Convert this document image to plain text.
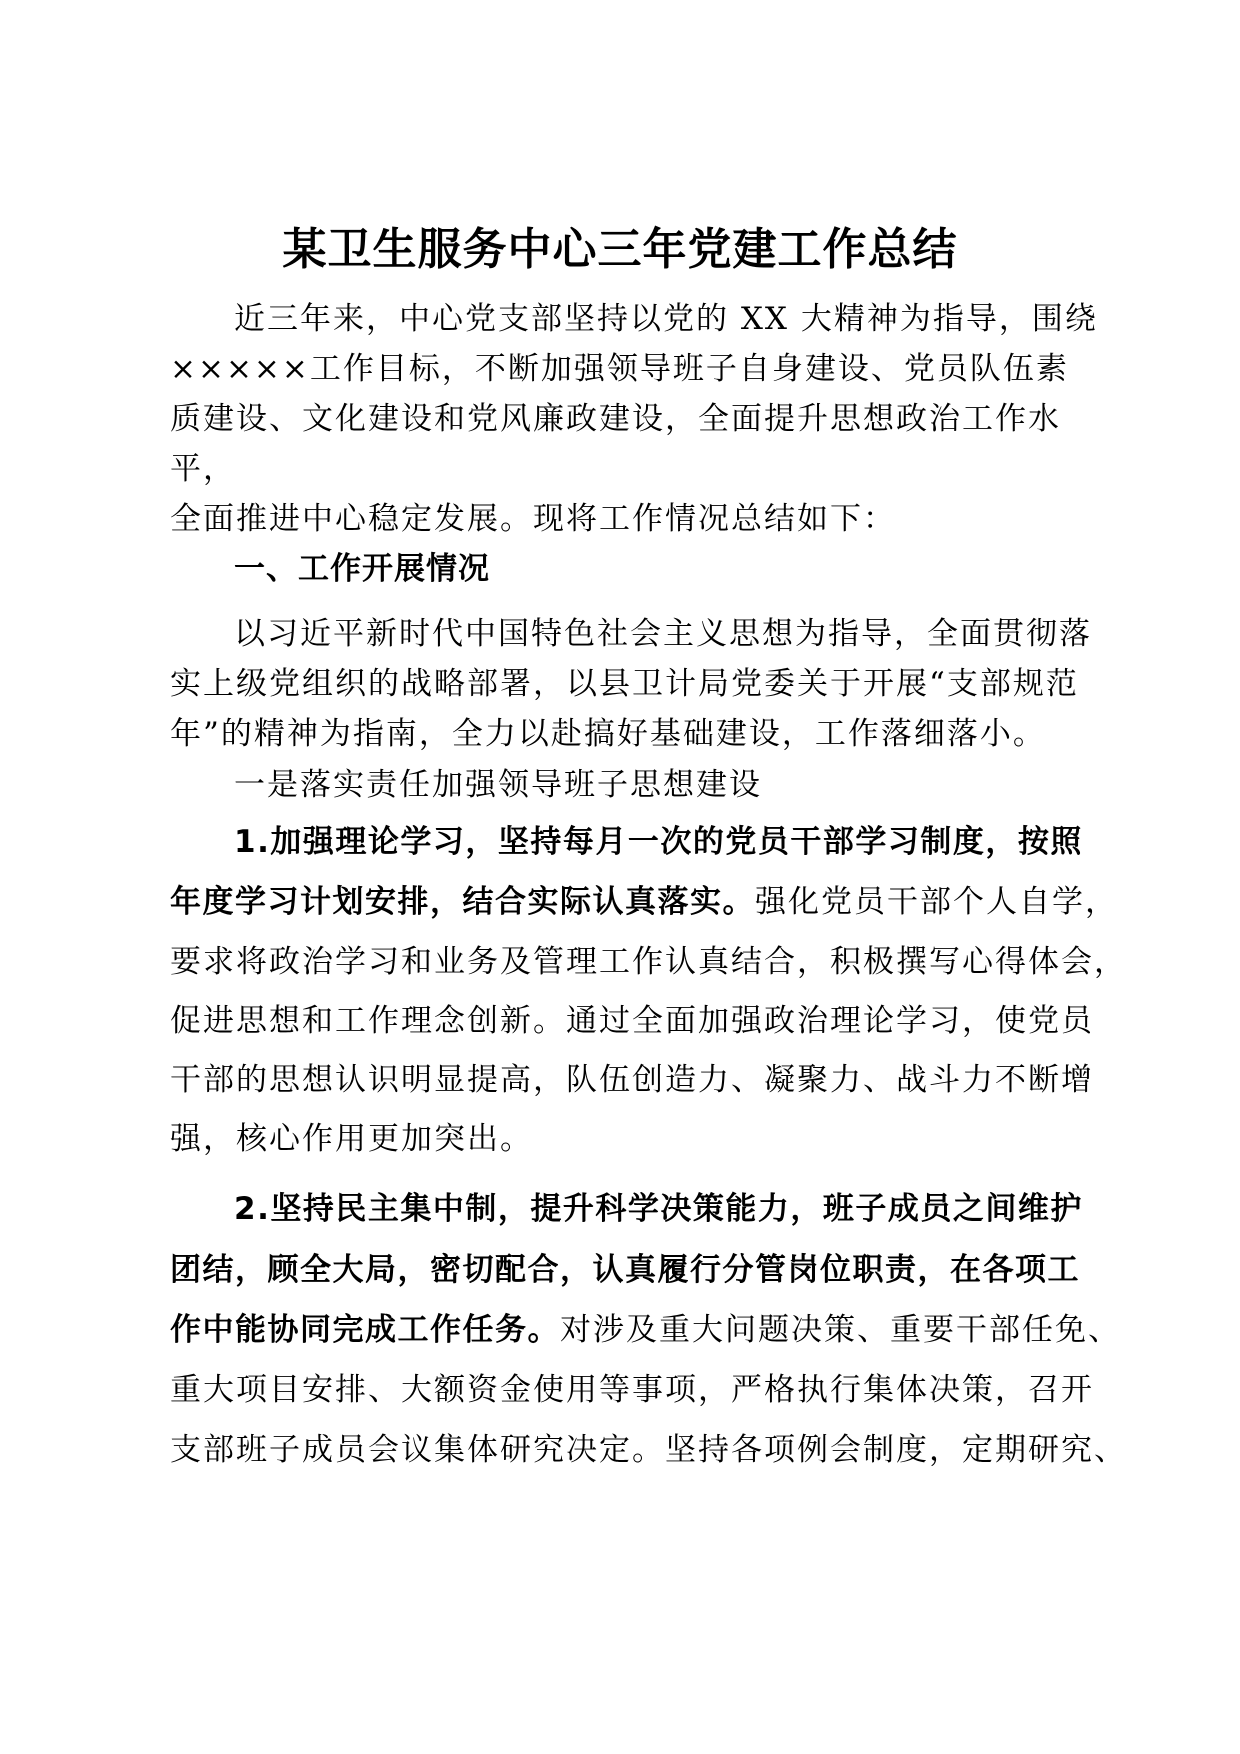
某卫生服务中心三年党建工作总结
近三年来，中心党支部坚持以党的 XX 大精神为指导，围绕
×××××工作目标，不断加强领导班子自身建设、党员队伍素
质建设、文化建设和党风廉政建设，全面提升思想政治工作水
平，
全面推进中心稳定发展。现将工作情况总结如下：
一、工作开展情况
以习近平新时代中国特色社会主义思想为指导，全面贯彻落
实上级党组织的战略部署，以县卫计局党委关于开展“支部规范
年”的精神为指南，全力以赴搞好基础建设，工作落细落小。
一是落实责任加强领导班子思想建设
1.加强理论学习，坚持每月一次的党员干部学习制度，按照
年度学习计划安排，结合实际认真落实。强化党员干部个人自学，
要求将政治学习和业务及管理工作认真结合，积极撰写心得体会，
促进思想和工作理念创新。通过全面加强政治理论学习，使党员
干部的思想认识明显提高，队伍创造力、凝聚力、战斗力不断增
强，核心作用更加突出。
2.坚持民主集中制，提升科学决策能力，班子成员之间维护
团结，顾全大局，密切配合，认真履行分管岗位职责，在各项工
作中能协同完成工作任务。对涉及重大问题决策、重要干部任免、
重大项目安排、大额资金使用等事项，严格执行集体决策，召开
支部班子成员会议集体研究决定。坚持各项例会制度，定期研究、
